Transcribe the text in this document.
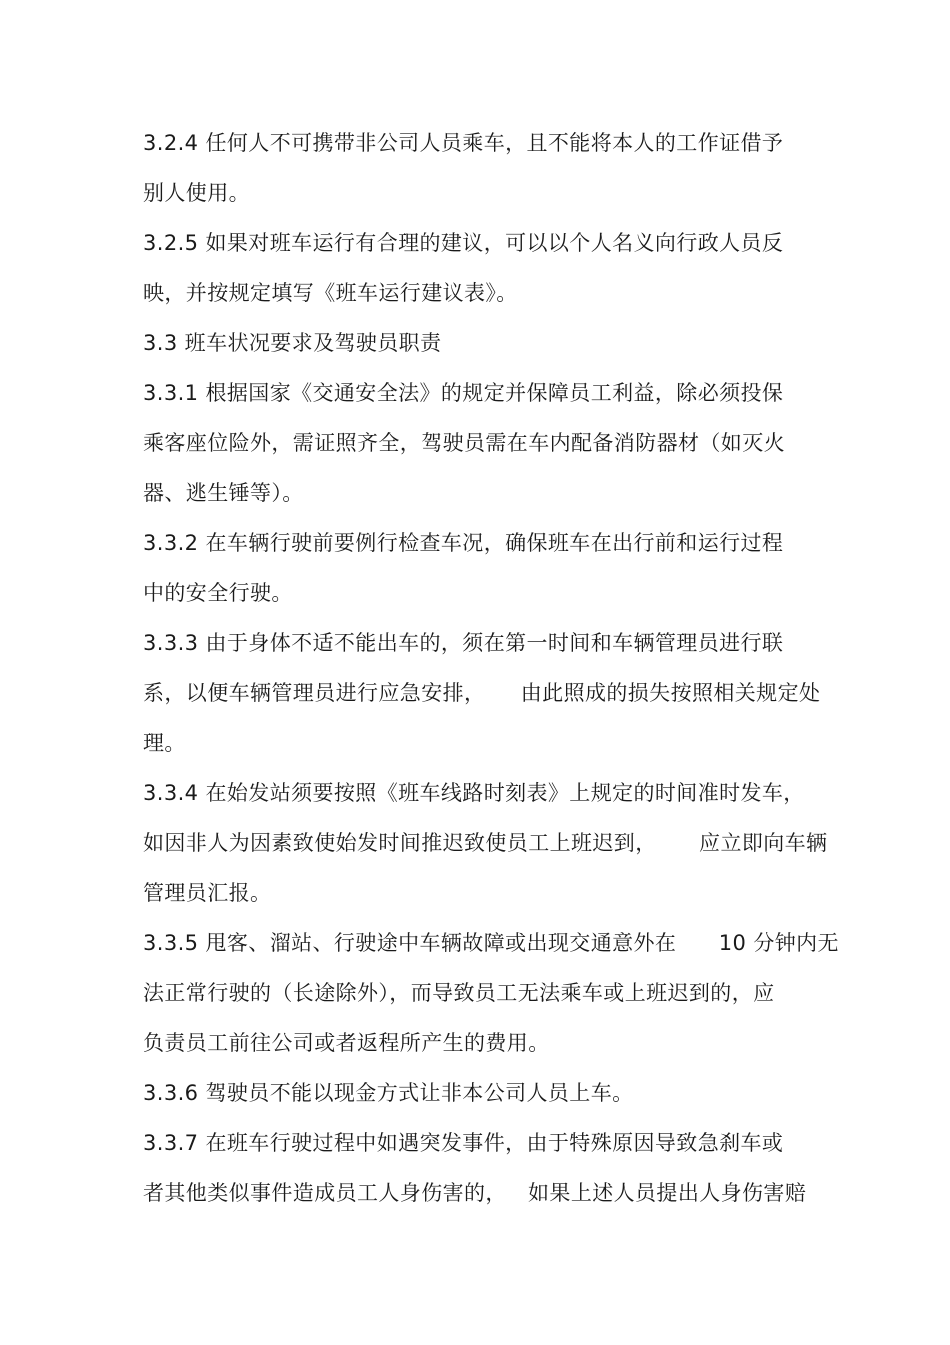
3.2.4 任何人不可携带非公司人员乘车，且不能将本人的工作证借予
别人使用。
3.2.5 如果对班车运行有合理的建议，可以以个人名义向行政人员反
映，并按规定填写《班车运行建议表》。
3.3 班车状况要求及驾驶员职责
3.3.1 根据国家《交通安全法》的规定并保障员工利益，除必须投保
乘客座位险外，需证照齐全，驾驶员需在车内配备消防器材（如灭火
器、逃生锤等）。
3.3.2 在车辆行驶前要例行检查车况，确保班车在出行前和运行过程
中的安全行驶。
3.3.3 由于身体不适不能出车的，须在第一时间和车辆管理员进行联
系，以便车辆管理员进行应急安排，     由此照成的损失按照相关规定处
理。
3.3.4 在始发站须要按照《班车线路时刻表》上规定的时间准时发车，
如因非人为因素致使始发时间推迟致使员工上班迟到，      应立即向车辆
管理员汇报。
3.3.5 甩客、溜站、行驶途中车辆故障或出现交通意外在      10 分钟内无
法正常行驶的（长途除外），而导致员工无法乘车或上班迟到的，应
负责员工前往公司或者返程所产生的费用。
3.3.6 驾驶员不能以现金方式让非本公司人员上车。
3.3.7 在班车行驶过程中如遇突发事件，由于特殊原因导致急刹车或
者其他类似事件造成员工人身伤害的，   如果上述人员提出人身伤害赔
